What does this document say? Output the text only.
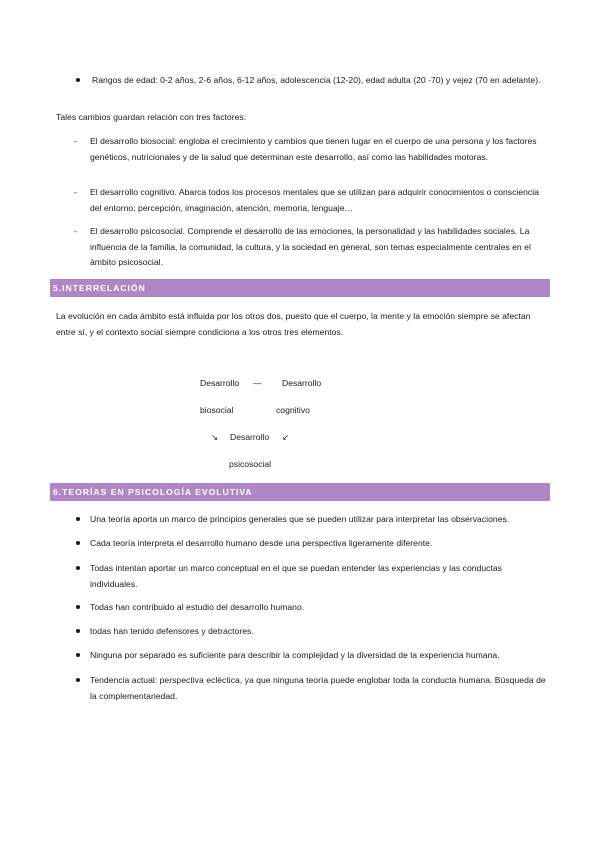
Rangos de edad: 0-2 años, 2-6 años, 6-12 años, adolescencia (12-20), edad adulta (20 -70) y vejez (70 en adelante).
Tales cambios guardan relación con tres factores:
- El desarrollo biosocial: engloba el crecimiento y cambios que tienen lugar en el cuerpo de una persona y los factores genéticos, nutricionales y de la salud que determinan este desarrollo, así como las habilidades motoras.
- El desarrollo cognitivo. Abarca todos los procesos mentales que se utilizan para adquirir conocimientos o consciencia del entorno: percepción, imaginación, atención, memoria, lenguaje…
- El desarrollo psicosocial. Comprende el desarrollo de las emociones, la personalidad y las habilidades sociales. La influencia de la familia, la comunidad, la cultura, y la sociedad en general, son temas especialmente centrales en el ámbito psicosocial.
5.INTERRELACIÓN
La evolución en cada ámbito está influida por los otros dos, puesto que el cuerpo, la mente y la emoción siempre se afectan entre sí, y el contexto social siempre condiciona a los otros tres elementos.
Desarrollo — Desarrollo
biosocial	cognitivo
↘ Desarrollo ↙
psicosocial
6.TEORÍAS EN PSICOLOGÍA EVOLUTIVA
Una teoría aporta un marco de principios generales que se pueden utilizar para interpretar las observaciones.
Cada teoría interpreta el desarrollo humano desde una perspectiva ligeramente diferente.
Todas intentan aportar un marco conceptual en el que se puedan entender las experiencias y las conductas individuales.
Todas han contribuido al estudio del desarrollo humano.
todas han tenido defensores y detractores.
Ninguna por separado es suficiente para describir la complejidad y la diversidad de la experiencia humana.
Tendencia actual: perspectiva ecléctica, ya que ninguna teoría puede englobar toda la conducta humana. Búsqueda de la complementariedad.
